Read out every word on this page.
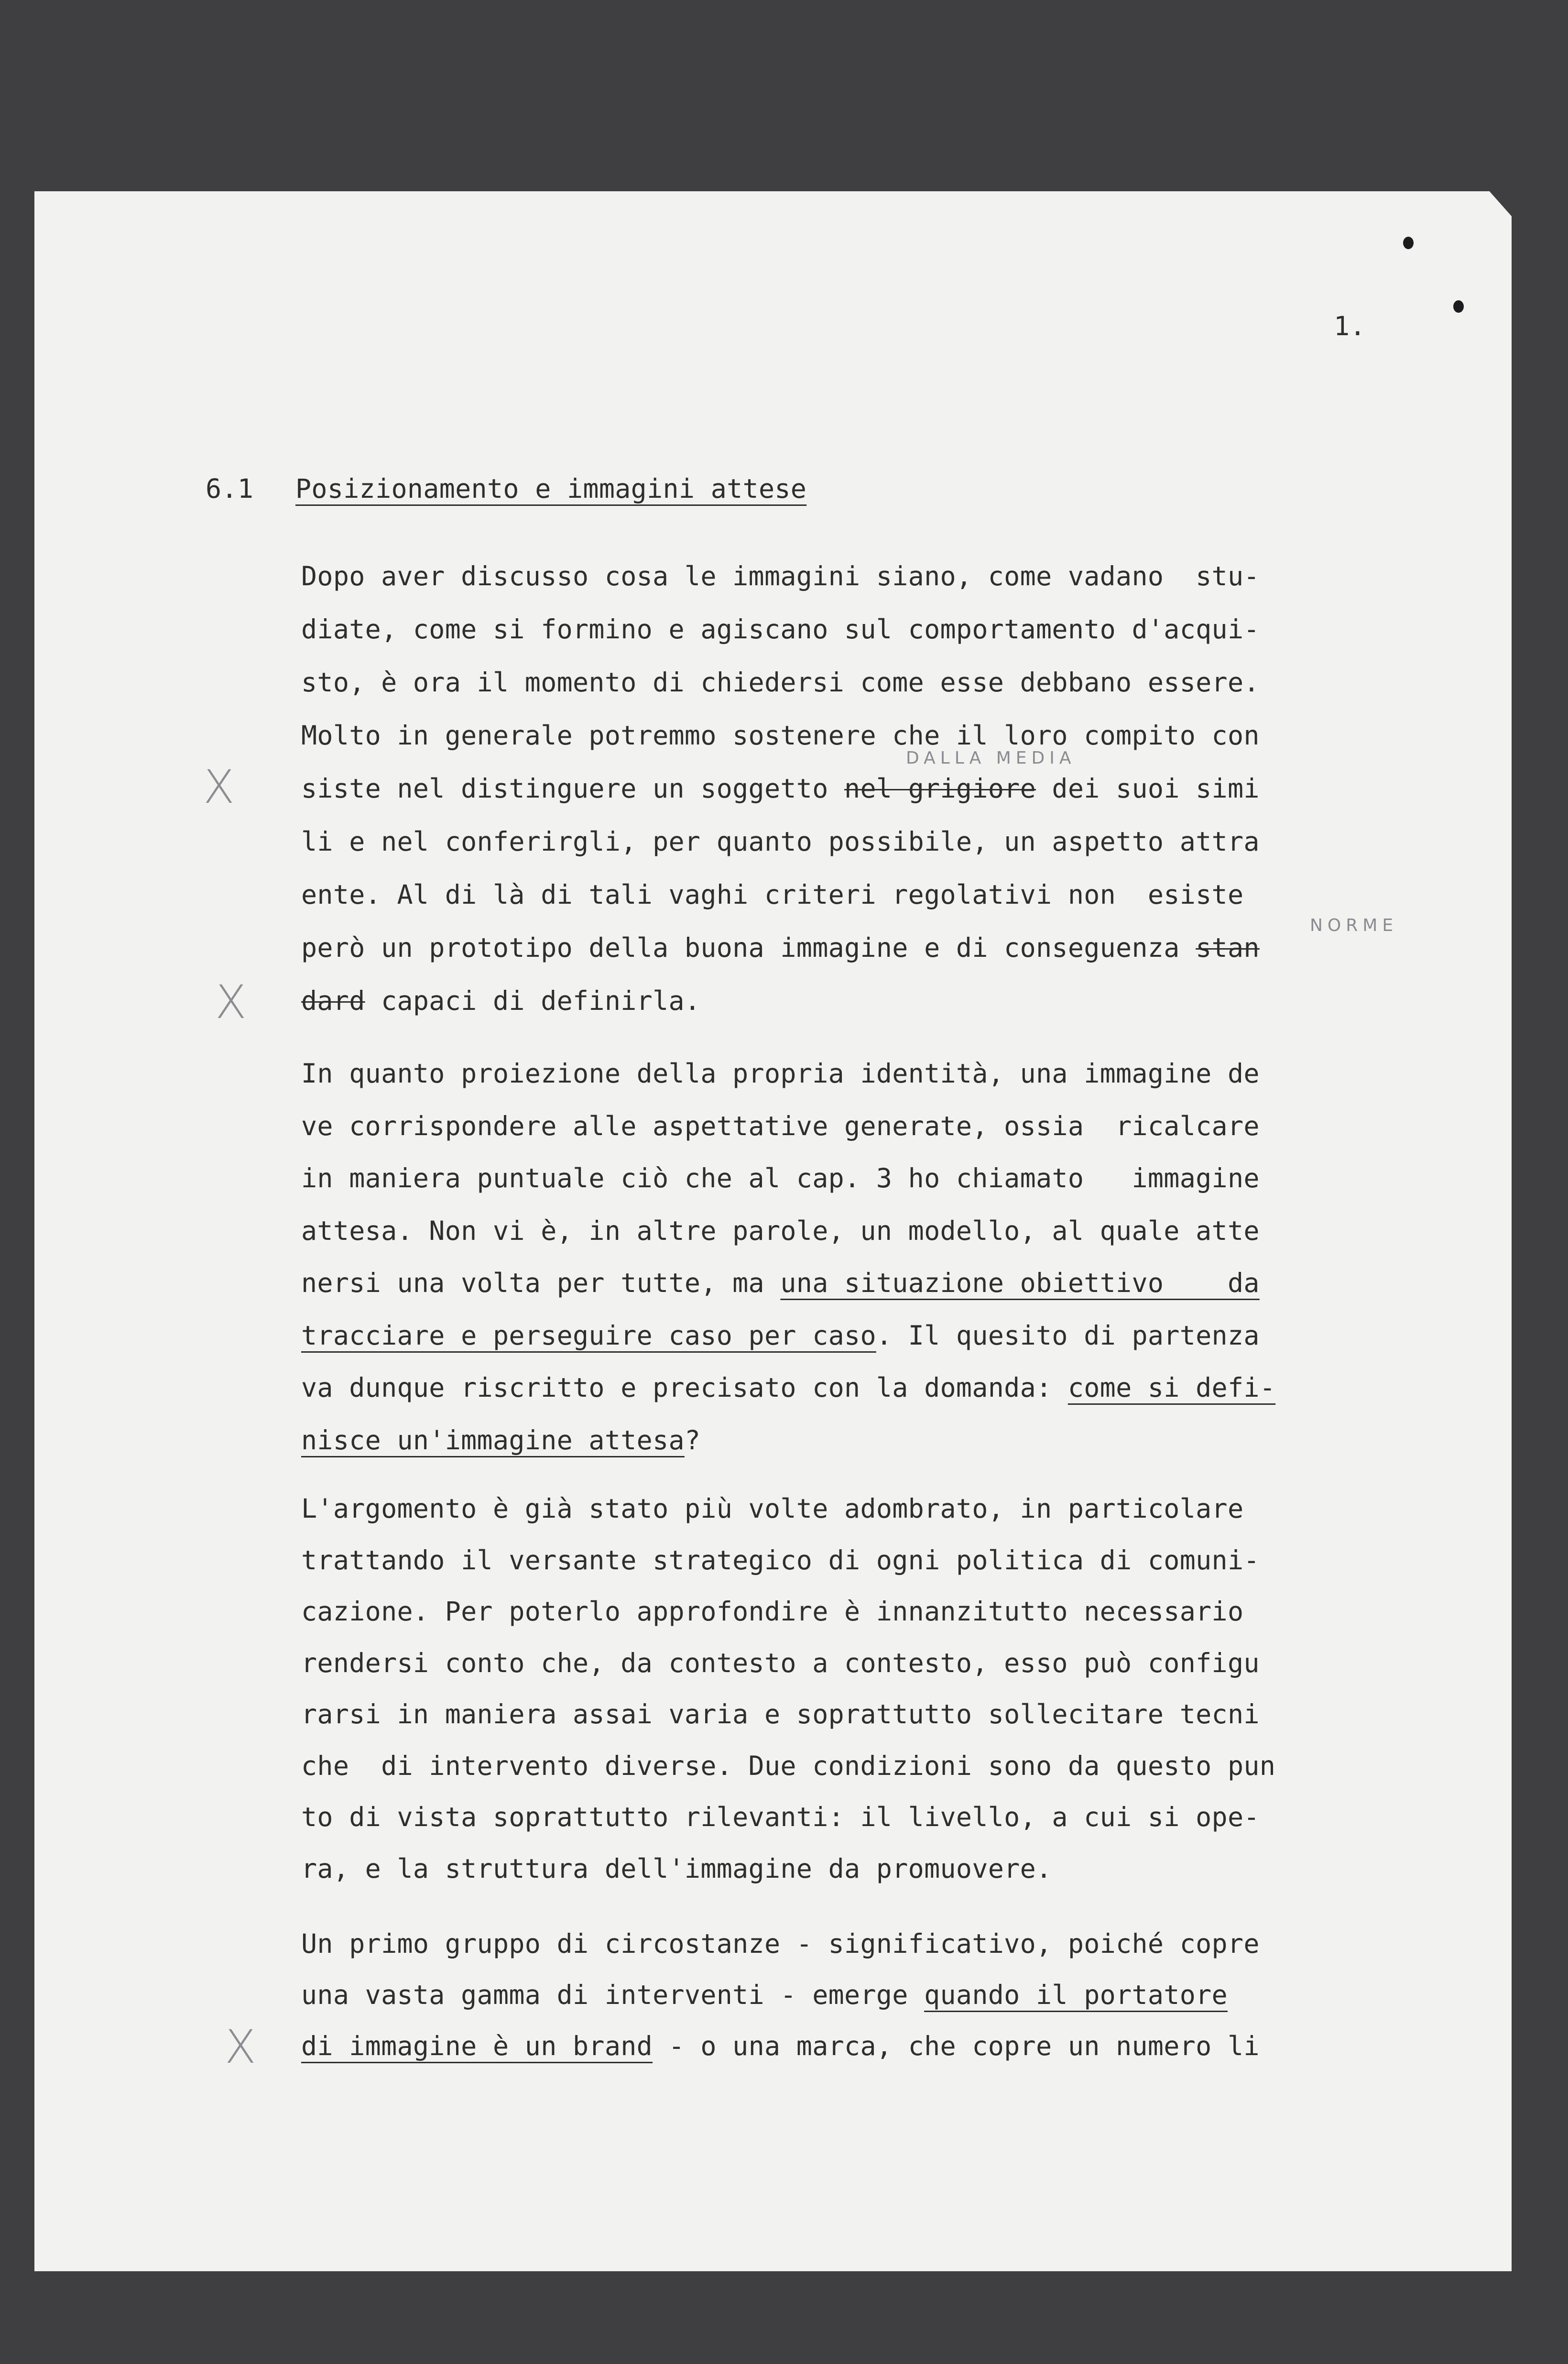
1.
6.1 Posizionamento e immagini attese
Dopo aver discusso cosa le immagini siano, come vadano  stu-
diate, come si formino e agiscano sul comportamento d'acqui-
sto, è ora il momento di chiedersi come esse debbano essere.
Molto in generale potremmo sostenere che il loro compito con
siste nel distinguere un soggetto nel grigiore dei suoi simi
li e nel conferirgli, per quanto possibile, un aspetto attra
ente. Al di là di tali vaghi criteri regolativi non  esiste
però un prototipo della buona immagine e di conseguenza stan
dard capaci di definirla.
In quanto proiezione della propria identità, una immagine de
ve corrispondere alle aspettative generate, ossia  ricalcare
in maniera puntuale ciò che al cap. 3 ho chiamato   immagine
attesa. Non vi è, in altre parole, un modello, al quale atte
nersi una volta per tutte, ma una situazione obiettivo    da
tracciare e perseguire caso per caso. Il quesito di partenza
va dunque riscritto e precisato con la domanda: come si defi-
nisce un'immagine attesa?
L'argomento è già stato più volte adombrato, in particolare
trattando il versante strategico di ogni politica di comuni-
cazione. Per poterlo approfondire è innanzitutto necessario
rendersi conto che, da contesto a contesto, esso può configu
rarsi in maniera assai varia e soprattutto sollecitare tecni
che  di intervento diverse. Due condizioni sono da questo pun
to di vista soprattutto rilevanti: il livello, a cui si ope-
ra, e la struttura dell'immagine da promuovere.
Un primo gruppo di circostanze - significativo, poiché copre
una vasta gamma di interventi - emerge quando il portatore
di immagine è un brand - o una marca, che copre un numero li
DALLA MEDIA
NORME
X
X
X
